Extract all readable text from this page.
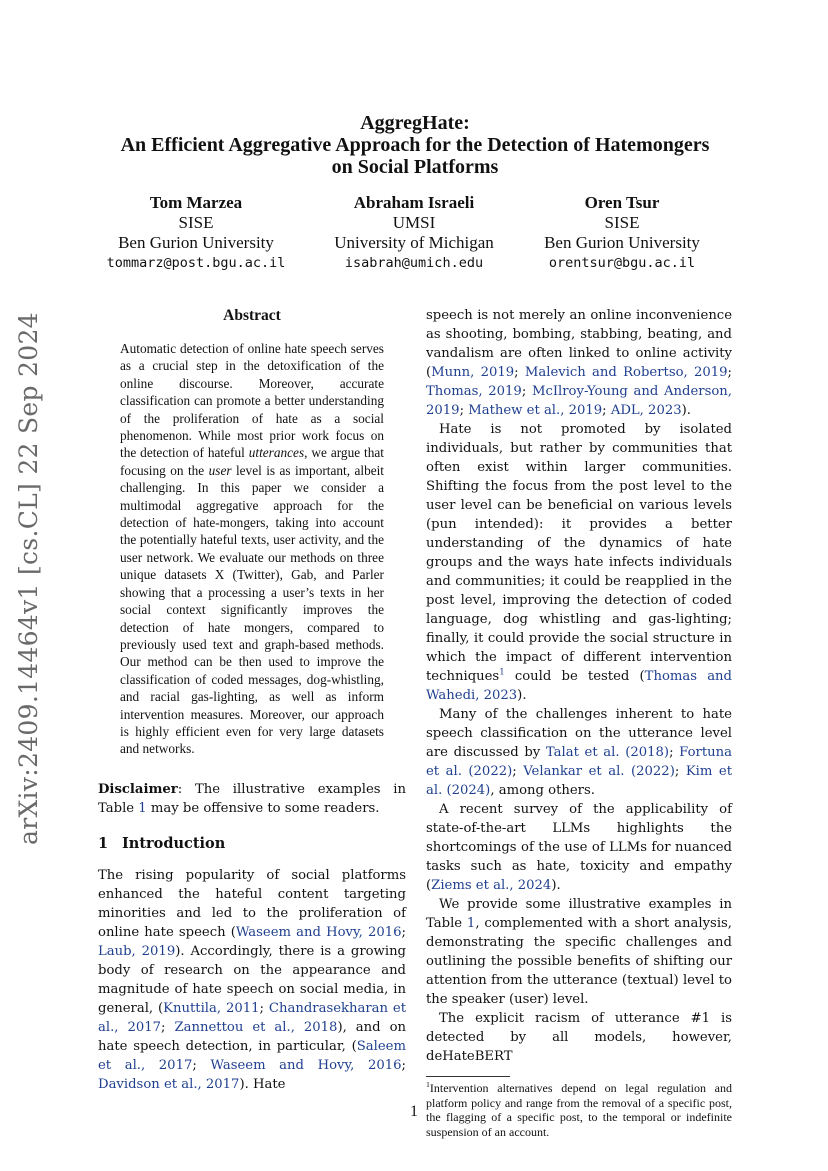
arXiv:2409.14464v1 [cs.CL] 22 Sep 2024
AggregHate:
An Efficient Aggregative Approach for the Detection of Hatemongers
on Social Platforms
Tom Marzea
SISE
Ben Gurion University
tommarz@post.bgu.ac.il
Abraham Israeli
UMSI
University of Michigan
isabrah@umich.edu
Oren Tsur
SISE
Ben Gurion University
orentsur@bgu.ac.il
Abstract

Automatic detection of online hate speech serves as a crucial step in the detoxification of the online discourse. Moreover, accurate classification can promote a better understanding of the proliferation of hate as a social phenomenon. While most prior work focus on the detection of hateful utterances, we argue that focusing on the user level is as important, albeit challenging. In this paper we consider a multimodal aggregative approach for the detection of hate-mongers, taking into account the potentially hateful texts, user activity, and the user network. We evaluate our methods on three unique datasets X (Twitter), Gab, and Parler showing that a processing a user’s texts in her social context significantly improves the detection of hate mongers, compared to previously used text and graph-based methods. Our method can be then used to improve the classification of coded messages, dog-whistling, and racial gas-lighting, as well as inform intervention measures. Moreover, our approach is highly efficient even for very large datasets and networks.

Disclaimer: The illustrative examples in Table 1 may be offensive to some readers.

1 Introduction

The rising popularity of social platforms enhanced the hateful content targeting minorities and led to the proliferation of online hate speech (Waseem and Hovy, 2016; Laub, 2019). Accordingly, there is a growing body of research on the appearance and magnitude of hate speech on social media, in general, (Knuttila, 2011; Chandrasekharan et al., 2017; Zannettou et al., 2018), and on hate speech detection, in particular, (Saleem et al., 2017; Waseem and Hovy, 2016; Davidson et al., 2017). Hate

speech is not merely an online inconvenience as shooting, bombing, stabbing, beating, and vandalism are often linked to online activity (Munn, 2019; Malevich and Robertso, 2019; Thomas, 2019; McIlroy-Young and Anderson, 2019; Mathew et al., 2019; ADL, 2023).

Hate is not promoted by isolated individuals, but rather by communities that often exist within larger communities. Shifting the focus from the post level to the user level can be beneficial on various levels (pun intended): it provides a better understanding of the dynamics of hate groups and the ways hate infects individuals and communities; it could be reapplied in the post level, improving the detection of coded language, dog whistling and gas-lighting; finally, it could provide the social structure in which the impact of different intervention techniques$^1$ could be tested (Thomas and Wahedi, 2023).

Many of the challenges inherent to hate speech classification on the utterance level are discussed by Talat et al. (2018); Fortuna et al. (2022); Velankar et al. (2022); Kim et al. (2024), among others.

A recent survey of the applicability of state-of-the-art LLMs highlights the shortcomings of the use of LLMs for nuanced tasks such as hate, toxicity and empathy (Ziems et al., 2024).

We provide some illustrative examples in Table 1, complemented with a short analysis, demonstrating the specific challenges and outlining the possible benefits of shifting our attention from the utterance (textual) level to the speaker (user) level.

The explicit racism of utterance #1 is detected by all models, however, deHateBERT

$^1$Intervention alternatives depend on legal regulation and platform policy and range from the removal of a specific post, the flagging of a specific post, to the temporal or indefinite suspension of an account.

1
